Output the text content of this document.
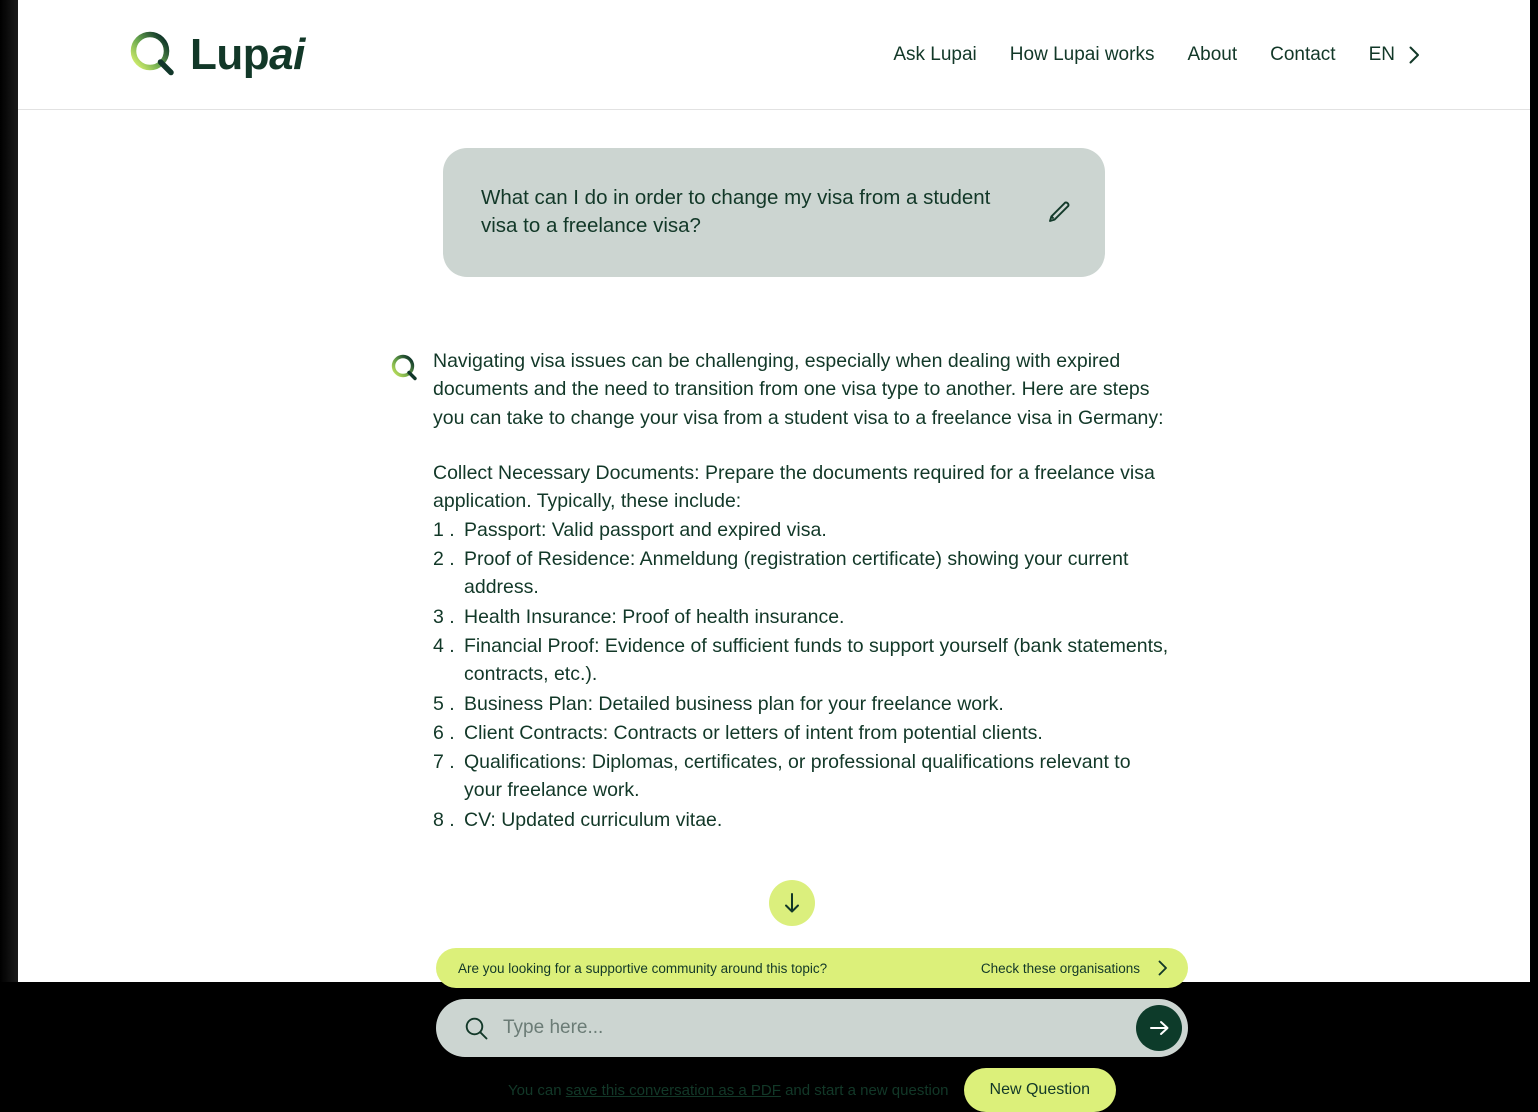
Lupai	Ask Lupai How Lupai works About Contact EN
What can I do in order to change my visa from a student visa to a freelance visa?
Navigating visa issues can be challenging, especially when dealing with expired documents and the need to transition from one visa type to another. Here are steps you can take to change your visa from a student visa to a freelance visa in Germany:
Collect Necessary Documents: Prepare the documents required for a freelance visa application. Typically, these include:
Passport: Valid passport and expired visa.
Proof of Residence: Anmeldung (registration certificate) showing your current address.
Health Insurance: Proof of health insurance.
Financial Proof: Evidence of sufficient funds to support yourself (bank statements, contracts, etc.).
Business Plan: Detailed business plan for your freelance work.
Client Contracts: Contracts or letters of intent from potential clients.
Qualifications: Diplomas, certificates, or professional qualifications relevant to your freelance work.
CV: Updated curriculum vitae.
Are you looking for a supportive community around this topic?	Check these organisations
Type here...
You can save this conversation as a PDF and start a new question	New Question
